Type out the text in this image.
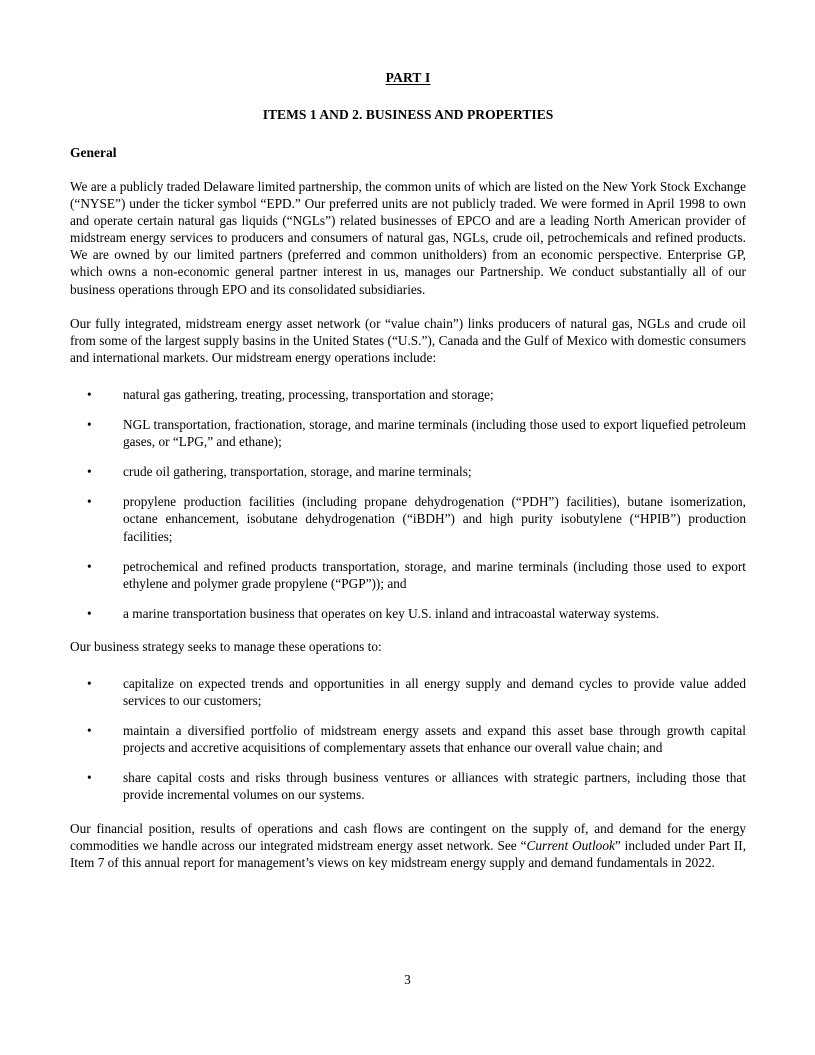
PART I
ITEMS 1 AND 2. BUSINESS AND PROPERTIES
General

We are a publicly traded Delaware limited partnership, the common units of which are listed on the New York Stock Exchange (“NYSE”) under the ticker symbol “EPD.” Our preferred units are not publicly traded. We were formed in April 1998 to own and operate certain natural gas liquids (“NGLs”) related businesses of EPCO and are a leading North American provider of midstream energy services to producers and consumers of natural gas, NGLs, crude oil, petrochemicals and refined products. We are owned by our limited partners (preferred and common unitholders) from an economic perspective. Enterprise GP, which owns a non-economic general partner interest in us, manages our Partnership. We conduct substantially all of our business operations through EPO and its consolidated subsidiaries.

Our fully integrated, midstream energy asset network (or “value chain”) links producers of natural gas, NGLs and crude oil from some of the largest supply basins in the United States (“U.S.”), Canada and the Gulf of Mexico with domestic consumers and international markets. Our midstream energy operations include:

•	natural gas gathering, treating, processing, transportation and storage;
•	NGL transportation, fractionation, storage, and marine terminals (including those used to export liquefied petroleum gases, or “LPG,” and ethane);
•	crude oil gathering, transportation, storage, and marine terminals;
•	propylene production facilities (including propane dehydrogenation (“PDH”) facilities), butane isomerization, octane enhancement, isobutane dehydrogenation (“iBDH”) and high purity isobutylene (“HPIB”) production facilities;
•	petrochemical and refined products transportation, storage, and marine terminals (including those used to export ethylene and polymer grade propylene (“PGP”)); and
•	a marine transportation business that operates on key U.S. inland and intracoastal waterway systems.

Our business strategy seeks to manage these operations to:

•	capitalize on expected trends and opportunities in all energy supply and demand cycles to provide value added services to our customers;
•	maintain a diversified portfolio of midstream energy assets and expand this asset base through growth capital projects and accretive acquisitions of complementary assets that enhance our overall value chain; and
•	share capital costs and risks through business ventures or alliances with strategic partners, including those that provide incremental volumes on our systems.

Our financial position, results of operations and cash flows are contingent on the supply of, and demand for the energy commodities we handle across our integrated midstream energy asset network. See “Current Outlook” included under Part II, Item 7 of this annual report for management’s views on key midstream energy supply and demand fundamentals in 2022.

3
